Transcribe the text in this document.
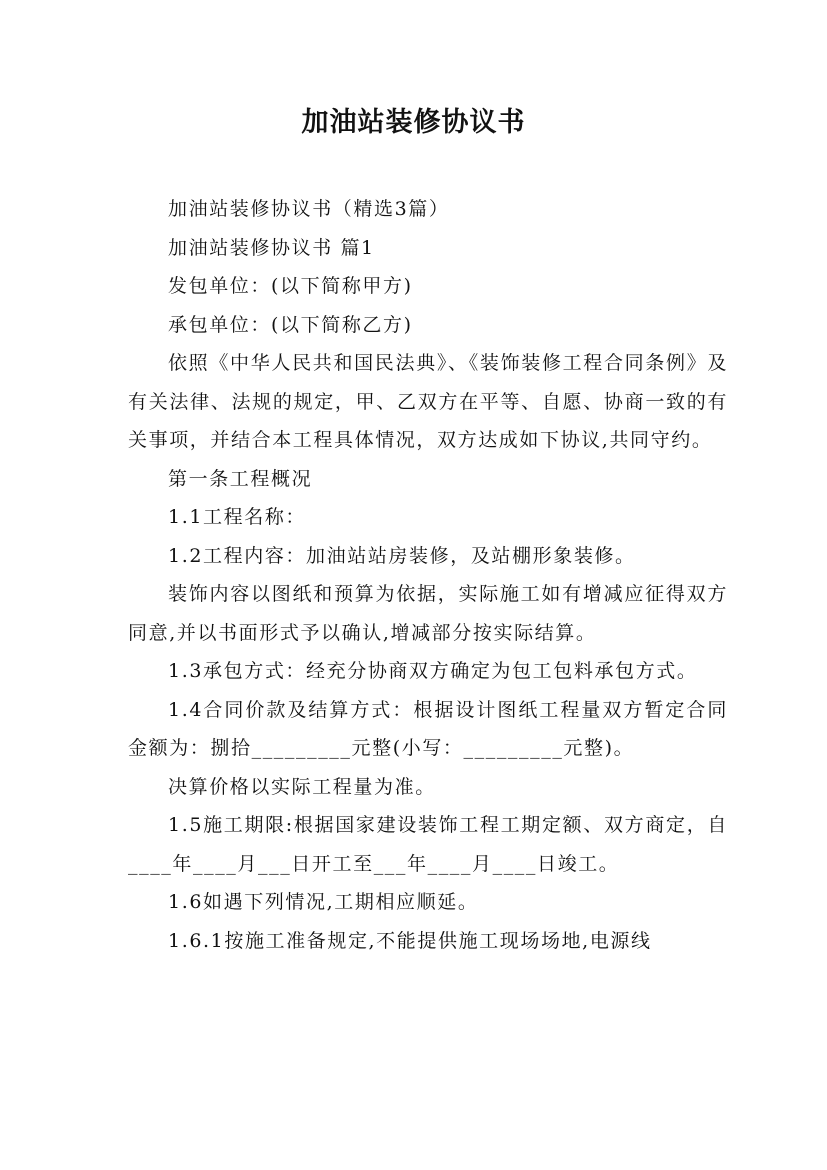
加油站装修协议书

加油站装修协议书（精选3篇）

加油站装修协议书 篇1

发包单位：(以下简称甲方)

承包单位：(以下简称乙方)

依照《中华人民共和国民法典》、《装饰装修工程合同条例》及有关法律、法规的规定，甲、乙双方在平等、自愿、协商一致的有关事项，并结合本工程具体情况，双方达成如下协议,共同守约。

第一条工程概况

1.1工程名称：

1.2工程内容：加油站站房装修，及站棚形象装修。

装饰内容以图纸和预算为依据，实际施工如有增减应征得双方同意,并以书面形式予以确认,增减部分按实际结算。

1.3承包方式：经充分协商双方确定为包工包料承包方式。

1.4合同价款及结算方式：根据设计图纸工程量双方暂定合同金额为：捌拾_________元整(小写：_________元整)。

决算价格以实际工程量为准。

1.5施工期限:根据国家建设装饰工程工期定额、双方商定，自____年____月___日开工至___年____月____日竣工。

1.6如遇下列情况,工期相应顺延。

1.6.1按施工准备规定,不能提供施工现场场地,电源线
